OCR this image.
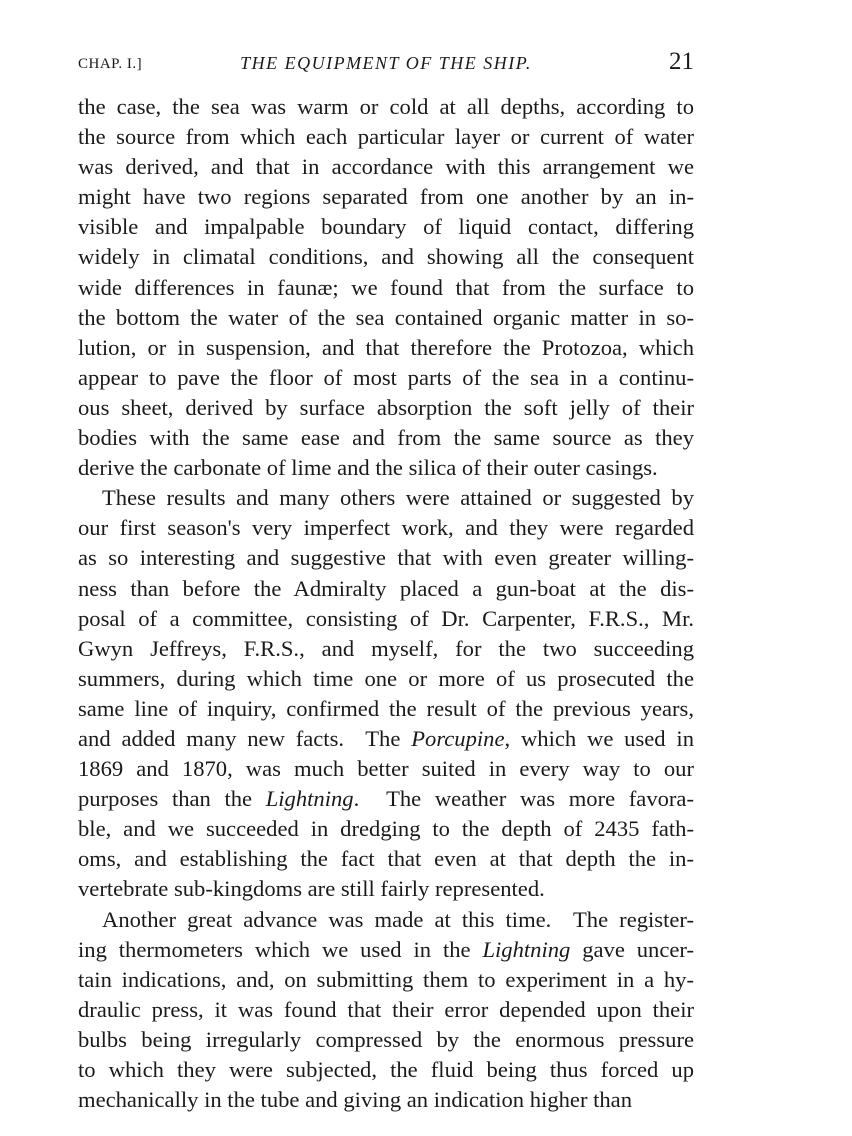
CHAP. I.]	THE EQUIPMENT OF THE SHIP.	21
the case, the sea was warm or cold at all depths, according to
the source from which each particular layer or current of water
was derived, and that in accordance with this arrangement we
might have two regions separated from one another by an in-
visible and impalpable boundary of liquid contact, differing
widely in climatal conditions, and showing all the consequent
wide differences in faunæ; we found that from the surface to
the bottom the water of the sea contained organic matter in so-
lution, or in suspension, and that therefore the Protozoa, which
appear to pave the floor of most parts of the sea in a continu-
ous sheet, derived by surface absorption the soft jelly of their
bodies with the same ease and from the same source as they
derive the carbonate of lime and the silica of their outer casings.
These results and many others were attained or suggested by
our first season's very imperfect work, and they were regarded
as so interesting and suggestive that with even greater willing-
ness than before the Admiralty placed a gun-boat at the dis-
posal of a committee, consisting of Dr. Carpenter, F.R.S., Mr.
Gwyn Jeffreys, F.R.S., and myself, for the two succeeding
summers, during which time one or more of us prosecuted the
same line of inquiry, confirmed the result of the previous years,
and added many new facts.  The Porcupine, which we used in
1869 and 1870, was much better suited in every way to our
purposes than the Lightning.  The weather was more favora-
ble, and we succeeded in dredging to the depth of 2435 fath-
oms, and establishing the fact that even at that depth the in-
vertebrate sub-kingdoms are still fairly represented.
Another great advance was made at this time.  The register-
ing thermometers which we used in the Lightning gave uncer-
tain indications, and, on submitting them to experiment in a hy-
draulic press, it was found that their error depended upon their
bulbs being irregularly compressed by the enormous pressure
to which they were subjected, the fluid being thus forced up
mechanically in the tube and giving an indication higher than
